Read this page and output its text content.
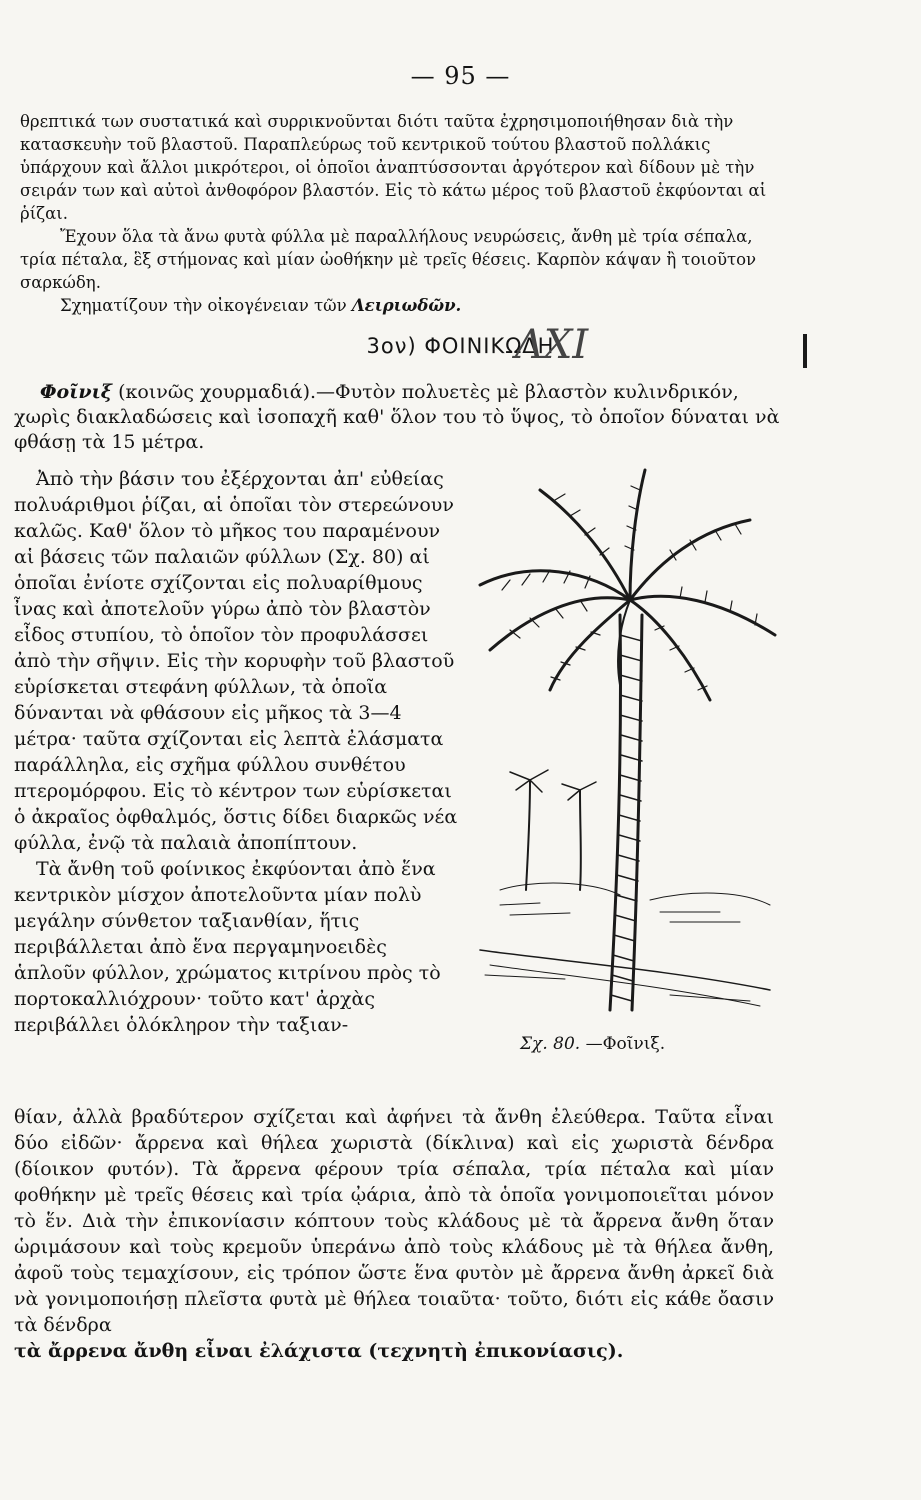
— 95 —

θρεπτικά των συστατικά καὶ συρρικνοῦνται διότι ταῦτα ἐχρησιμοποιήθησαν διὰ τὴν κατασκευὴν τοῦ βλαστοῦ. Παραπλεύρως τοῦ κεντρικοῦ τούτου βλαστοῦ πολλάκις ὑπάρχουν καὶ ἄλλοι μικρότεροι, οἱ ὁποῖοι ἀναπτύσσονται ἀργότερον καὶ δίδουν μὲ τὴν σειράν των καὶ αὐτοὶ ἀνθοφόρον βλαστόν. Εἰς τὸ κάτω μέρος τοῦ βλαστοῦ ἐκφύονται αἱ ῥίζαι.

Ἔχουν ὅλα τὰ ἄνω φυτὰ φύλλα μὲ παραλλήλους νευρώσεις, ἄνθη μὲ τρία σέπαλα, τρία πέταλα, ἓξ στήμονας καὶ μίαν ὠοθήκην μὲ τρεῖς θέσεις. Καρπὸν κάψαν ἢ τοιοῦτον σαρκώδη.

Σχηματίζουν τὴν οἰκογένειαν τῶν Λειριωδῶν.

3ον) ΦΟΙΝΙΚΩΔΗ
ΛΧΙ

Φοῖνιξ (κοινῶς χουρμαδιά).—Φυτὸν πολυετὲς μὲ βλαστὸν κυλινδρικόν, χωρὶς διακλαδώσεις καὶ ἰσοπαχῆ καθ' ὅλον του τὸ ὕψος, τὸ ὁποῖον δύναται νὰ φθάσῃ τὰ 15 μέτρα.

Ἀπὸ τὴν βάσιν του ἐξέρχονται ἀπ' εὐθείας πολυάριθμοι ῥίζαι, αἱ ὁποῖαι τὸν στερεώνουν καλῶς. Καθ' ὅλον τὸ μῆκος του παραμένουν αἱ βάσεις τῶν παλαιῶν φύλλων (Σχ. 80) αἱ ὁποῖαι ἐνίοτε σχίζονται εἰς πολυαρίθμους ἶνας καὶ ἀποτελοῦν γύρω ἀπὸ τὸν βλαστὸν εἶδος στυπίου, τὸ ὁποῖον τὸν προφυλάσσει ἀπὸ τὴν σῆψιν. Εἰς τὴν κορυφὴν τοῦ βλαστοῦ εὑρίσκεται στεφάνη φύλλων, τὰ ὁποῖα δύνανται νὰ φθάσουν εἰς μῆκος τὰ 3—4 μέτρα· ταῦτα σχίζονται εἰς λεπτὰ ἐλάσματα παράλληλα, εἰς σχῆμα φύλλου συνθέτου πτερομόρφου. Εἰς τὸ κέντρον των εὑρίσκεται ὁ ἀκραῖος ὀφθαλμός, ὅστις δίδει διαρκῶς νέα φύλλα, ἐνῷ τὰ παλαιὰ ἀποπίπτουν.

Τὰ ἄνθη τοῦ φοίνικος ἐκφύονται ἀπὸ ἕνα κεντρικὸν μίσχον ἀποτελοῦντα μίαν πολὺ μεγάλην σύνθετον ταξιανθίαν, ἥτις περιβάλλεται ἀπὸ ἕνα περγαμηνοειδὲς ἁπλοῦν φύλλον, χρώματος κιτρίνου πρὸς τὸ πορτοκαλλιόχρουν· τοῦτο κατ' ἀρχὰς περιβάλλει ὁλόκληρον τὴν ταξιαν-

Σχ. 80. —Φοῖνιξ.

θίαν, ἀλλὰ βραδύτερον σχίζεται καὶ ἀφήνει τὰ ἄνθη ἐλεύθερα. Ταῦτα εἶναι δύο εἰδῶν· ἄρρενα καὶ θήλεα χωριστὰ (δίκλινα) καὶ εἰς χωριστὰ δένδρα (δίοικον φυτόν). Τὰ ἄρρενα φέρουν τρία σέπαλα, τρία πέταλα καὶ μίαν φοθήκην μὲ τρεῖς θέσεις καὶ τρία ᾠάρια, ἀπὸ τὰ ὁποῖα γονιμοποιεῖται μόνον τὸ ἕν. Διὰ τὴν ἐπικονίασιν κόπτουν τοὺς κλάδους μὲ τὰ ἄρρενα ἄνθη ὅταν ὡριμάσουν καὶ τοὺς κρεμοῦν ὑπεράνω ἀπὸ τοὺς κλάδους μὲ τὰ θήλεα ἄνθη, ἀφοῦ τοὺς τεμαχίσουν, εἰς τρόπον ὥστε ἕνα φυτὸν μὲ ἄρρενα ἄνθη ἀρκεῖ διὰ νὰ γονιμοποιήσῃ πλεῖστα φυτὰ μὲ θήλεα τοιαῦτα· τοῦτο, διότι εἰς κάθε ὄασιν τὰ δένδρα

τὰ ἄρρενα ἄνθη εἶναι ἐλάχιστα (τεχνητὴ ἐπικονίασις).
